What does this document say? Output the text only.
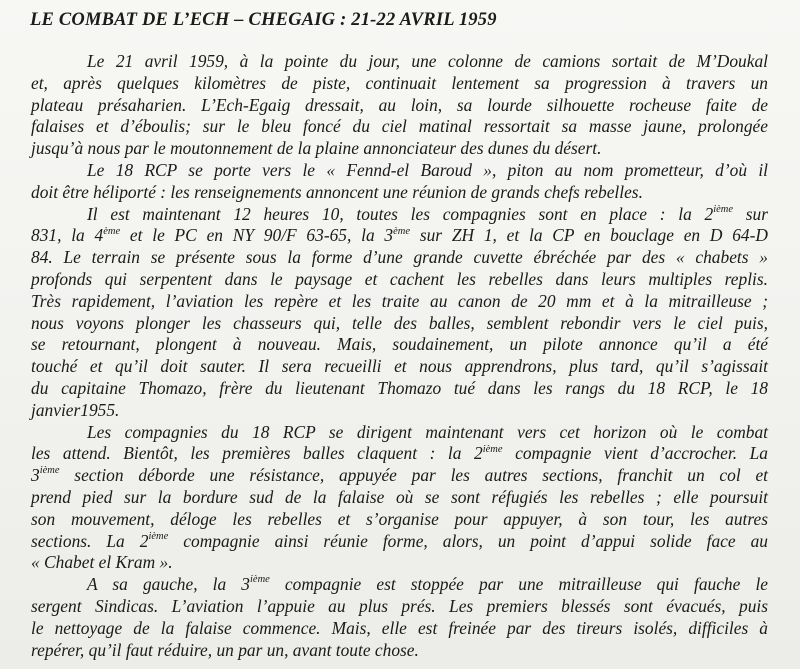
LE COMBAT DE L’ECH – CHEGAIG : 21-22 AVRIL 1959
Le 21 avril 1959, à la pointe du jour, une colonne de camions sortait de M’Doukal
et, après quelques kilomètres de piste, continuait lentement sa progression à travers un
plateau présaharien. L’Ech-Egaig dressait, au loin, sa lourde silhouette rocheuse faite de
falaises et d’éboulis; sur le bleu foncé du ciel matinal ressortait sa masse jaune, prolongée
jusqu’à nous par le moutonnement de la plaine annonciateur des dunes du désert.
Le 18 RCP se porte vers le « Fennd-el Baroud », piton au nom prometteur, d’où il
doit être héliporté : les renseignements annoncent une réunion de grands chefs rebelles.
Il est maintenant 12 heures 10, toutes les compagnies sont en place : la 2ième sur
831, la 4ème et le PC en NY 90/F 63-65, la 3ème sur ZH 1, et la CP en bouclage en D 64-D
84. Le terrain se présente sous la forme d’une grande cuvette ébréchée par des « chabets »
profonds qui serpentent dans le paysage et cachent les rebelles dans leurs multiples replis.
Très rapidement, l’aviation les repère et les traite au canon de 20 mm et à la mitrailleuse ;
nous voyons plonger les chasseurs qui, telle des balles, semblent rebondir vers le ciel puis,
se retournant, plongent à nouveau. Mais, soudainement, un pilote annonce qu’il a été
touché et qu’il doit sauter. Il sera recueilli et nous apprendrons, plus tard, qu’il s’agissait
du capitaine Thomazo, frère du lieutenant Thomazo tué dans les rangs du 18 RCP, le 18
janvier1955.
Les compagnies du 18 RCP se dirigent maintenant vers cet horizon où le combat
les attend. Bientôt, les premières balles claquent : la 2ième compagnie vient d’accrocher. La
3ième section déborde une résistance, appuyée par les autres sections, franchit un col et
prend pied sur la bordure sud de la falaise où se sont réfugiés les rebelles ; elle poursuit
son mouvement, déloge les rebelles et s’organise pour appuyer, à son tour, les autres
sections. La 2ième compagnie ainsi réunie forme, alors, un point d’appui solide face au
« Chabet el Kram ».
A sa gauche, la 3ième compagnie est stoppée par une mitrailleuse qui fauche le
sergent Sindicas. L’aviation l’appuie au plus prés. Les premiers blessés sont évacués, puis
le nettoyage de la falaise commence. Mais, elle est freinée par des tireurs isolés, difficiles à
repérer, qu’il faut réduire, un par un, avant toute chose.
